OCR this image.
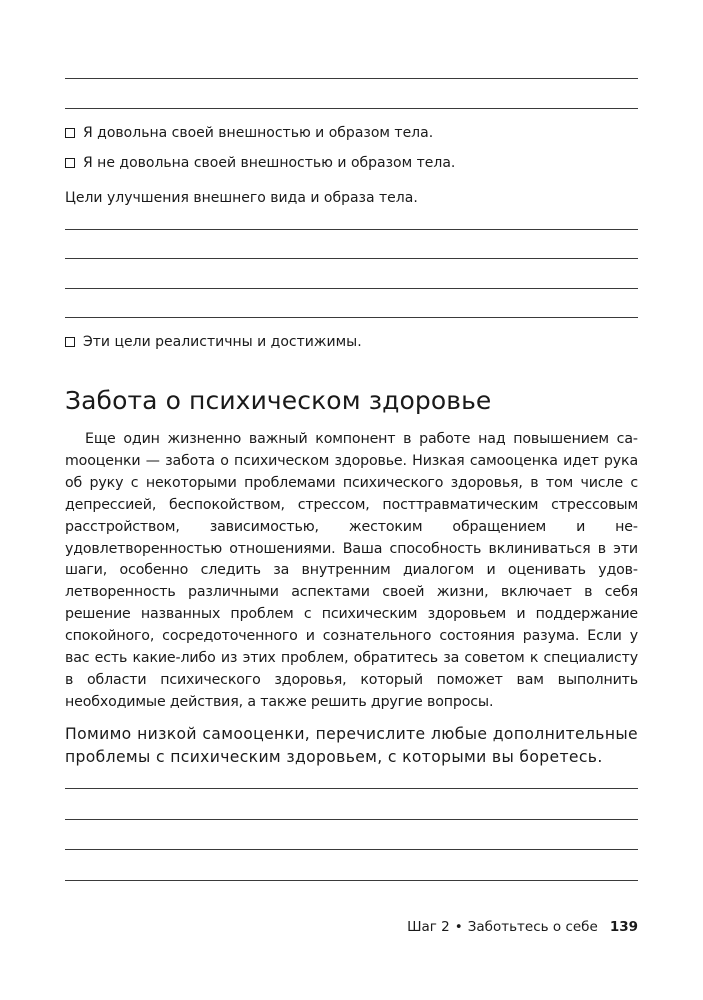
Я довольна своей внешностью и образом тела.
Я не довольна своей внешностью и образом тела.
Цели улучшения внешнего вида и образа тела.
Эти цели реалистичны и достижимы.
Забота о психическом здоровье

Еще один жизненно важный компонент в работе над повышением саmооценки — забота о психическом здоровье. Низкая самооценка идет рука об руку с некоторыми проблемами психического здоровья, в том числе с депрессией, беспокойством, стрессом, посттравматическим стрессовым расстройством, зависимостью, жестоким обращением и неудовлетворенностью отношениями. Ваша способность вклиниваться в эти шаги, особенно следить за внутренним диалогом и оценивать удовлетворенность различными аспектами своей жизни, включает в себя решение названных проблем с психическим здоровьем и поддержание спокойного, сосредоточенного и сознательного состояния разума. Если у вас есть какие-либо из этих проблем, обратитесь за советом к специалисту в области психического здоровья, который поможет вам выполнить необходимые действия, а также решить другие вопросы.

Помимо низкой самооценки, перечислите любые дополнительные проблемы с психическим здоровьем, с которыми вы боретесь.

Шаг 2 • Заботьтесь о себе 139
